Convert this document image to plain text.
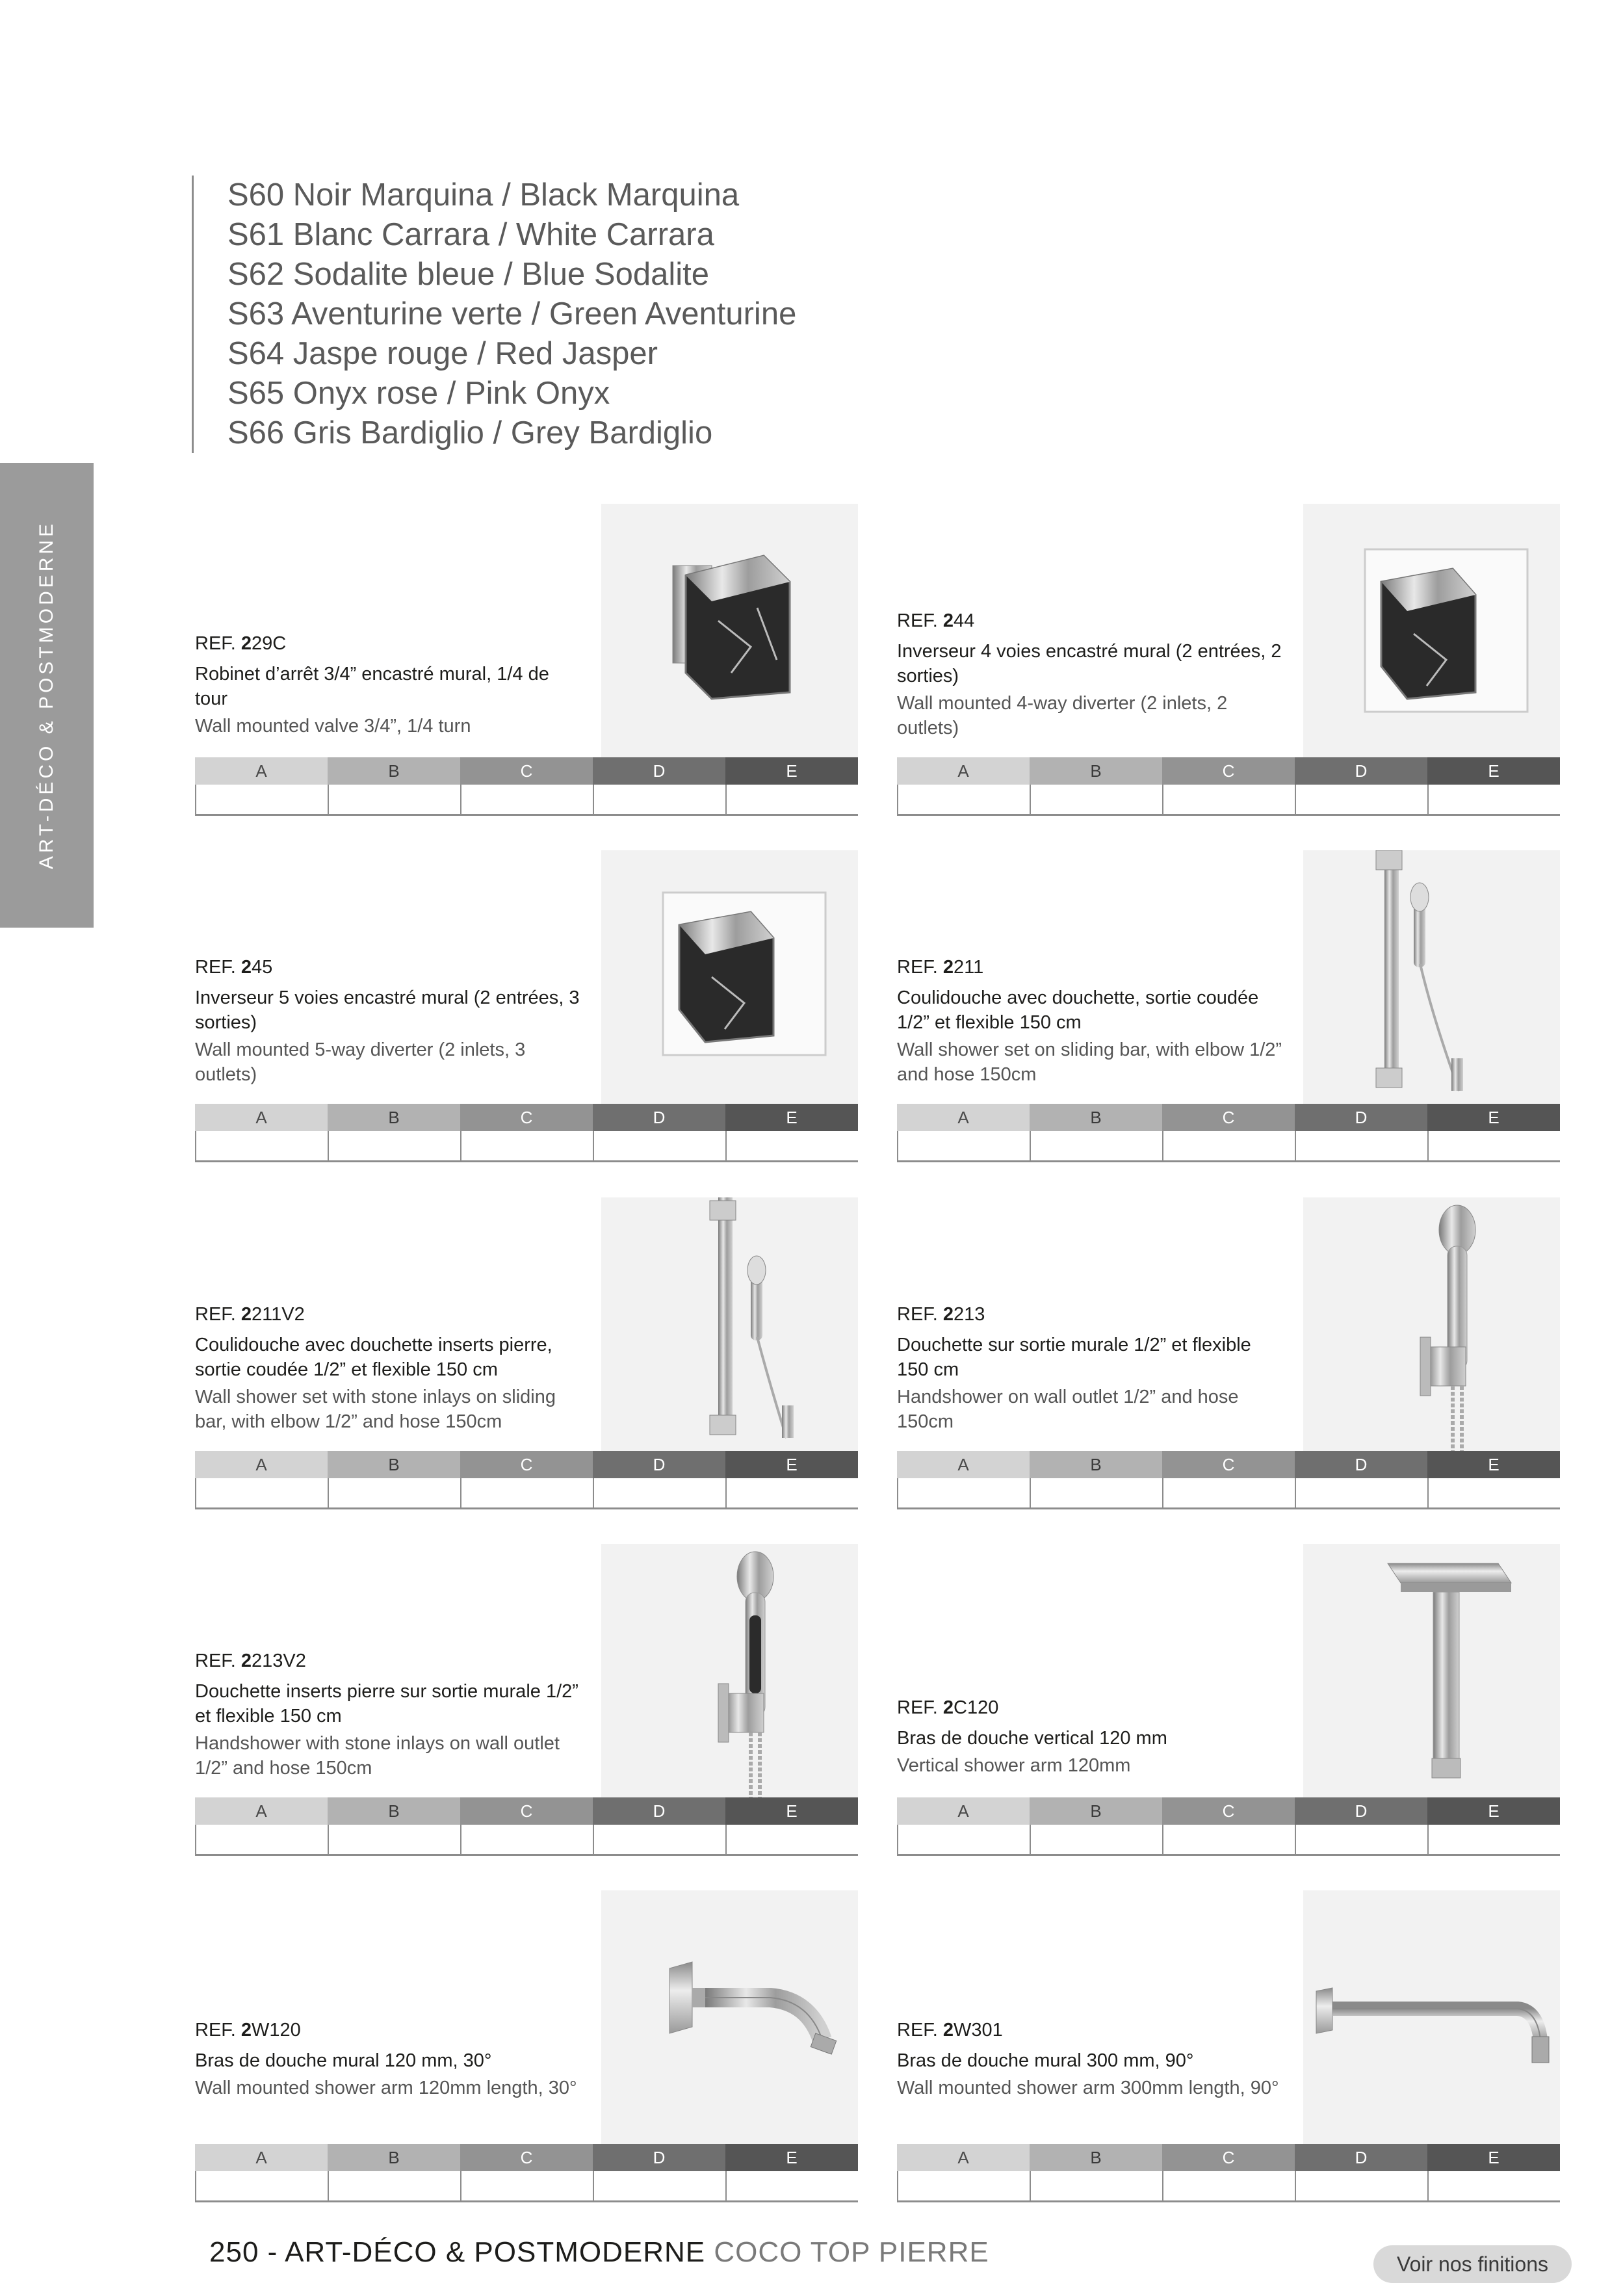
S60 Noir Marquina / Black Marquina
S61 Blanc Carrara / White Carrara
S62 Sodalite bleue / Blue Sodalite
S63 Aventurine verte / Green Aventurine
S64 Jaspe rouge / Red Jasper
S65 Onyx rose / Pink Onyx
S66 Gris Bardiglio / Grey Bardiglio
ART-DÉCO & POSTMODERNE	REF. 229C
Robinet d’arrêt 3/4” encastré mural, 1/4 de tour
Wall mounted valve 3/4”, 1/4 turn
A	B	C	D	E
REF. 244
Inverseur 4 voies encastré mural (2 entrées, 2 sorties)
Wall mounted 4-way diverter (2 inlets, 2 outlets)
A	B	C	D	E
REF. 245
Inverseur 5 voies encastré mural (2 entrées, 3 sorties)
Wall mounted 5-way diverter (2 inlets, 3 outlets)
A	B	C	D	E
REF. 2211
Coulidouche avec douchette, sortie coudée 1/2” et flexible 150 cm
Wall shower set on sliding bar, with elbow 1/2” and hose 150cm
A	B	C	D	E
REF. 2211V2
Coulidouche avec douchette inserts pierre, sortie coudée 1/2” et flexible 150 cm
Wall shower set with stone inlays on sliding bar, with elbow 1/2” and hose 150cm
A	B	C	D	E
REF. 2213
Douchette sur sortie murale 1/2” et flexible 150 cm
Handshower on wall outlet 1/2” and hose 150cm
A	B	C	D	E
REF. 2213V2
Douchette inserts pierre sur sortie murale 1/2” et flexible 150 cm
Handshower with stone inlays on wall outlet 1/2” and hose 150cm
A	B	C	D	E
REF. 2C120
Bras de douche vertical 120 mm
Vertical shower arm 120mm
A	B	C	D	E
REF. 2W120
Bras de douche mural 120 mm, 30°
Wall mounted shower arm 120mm length, 30°
A	B	C	D	E
REF. 2W301
Bras de douche mural 300 mm, 90°
Wall mounted shower arm 300mm length, 90°
A	B	C	D	E
250 - ART-DÉCO & POSTMODERNE COCO TOP PIERRE	Voir nos finitions
